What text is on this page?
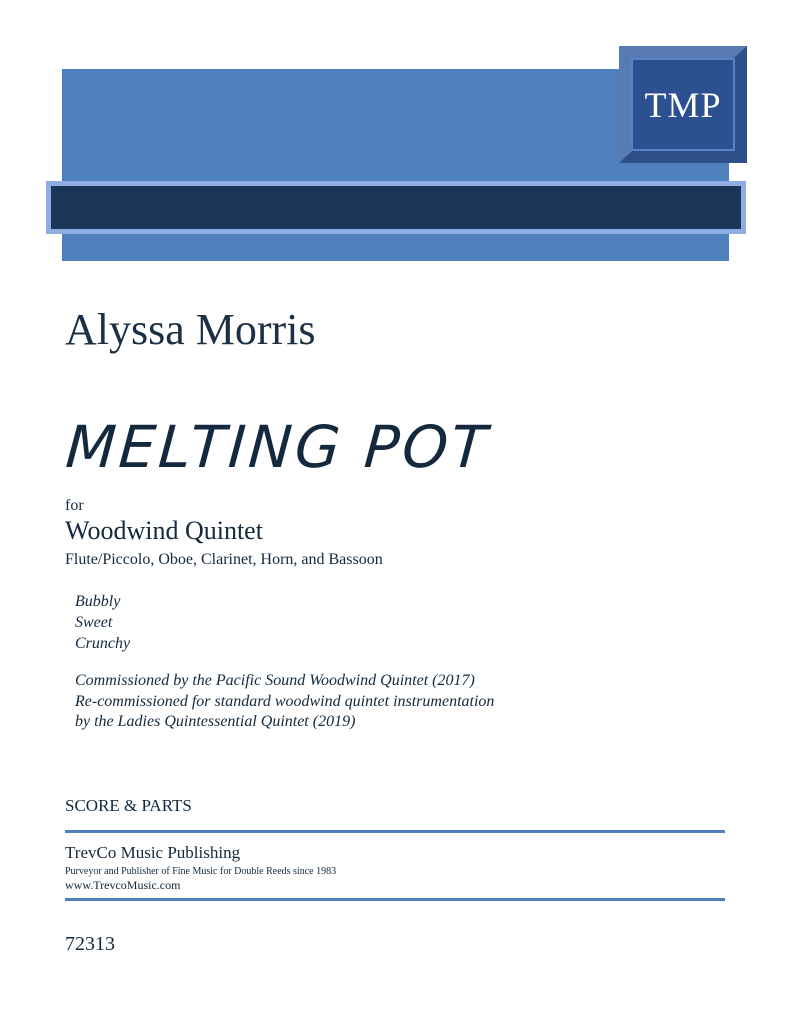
TMP
Alyssa Morris
MELTING POT
for
Woodwind Quintet
Flute/Piccolo, Oboe, Clarinet, Horn, and Bassoon
Bubbly
Sweet
Crunchy
Commissioned by the Pacific Sound Woodwind Quintet (2017)
Re-commissioned for standard woodwind quintet instrumentation
by the Ladies Quintessential Quintet (2019)
SCORE & PARTS
TrevCo Music Publishing
Purveyor and Publisher of Fine Music for Double Reeds since 1983
www.TrevcoMusic.com
72313
